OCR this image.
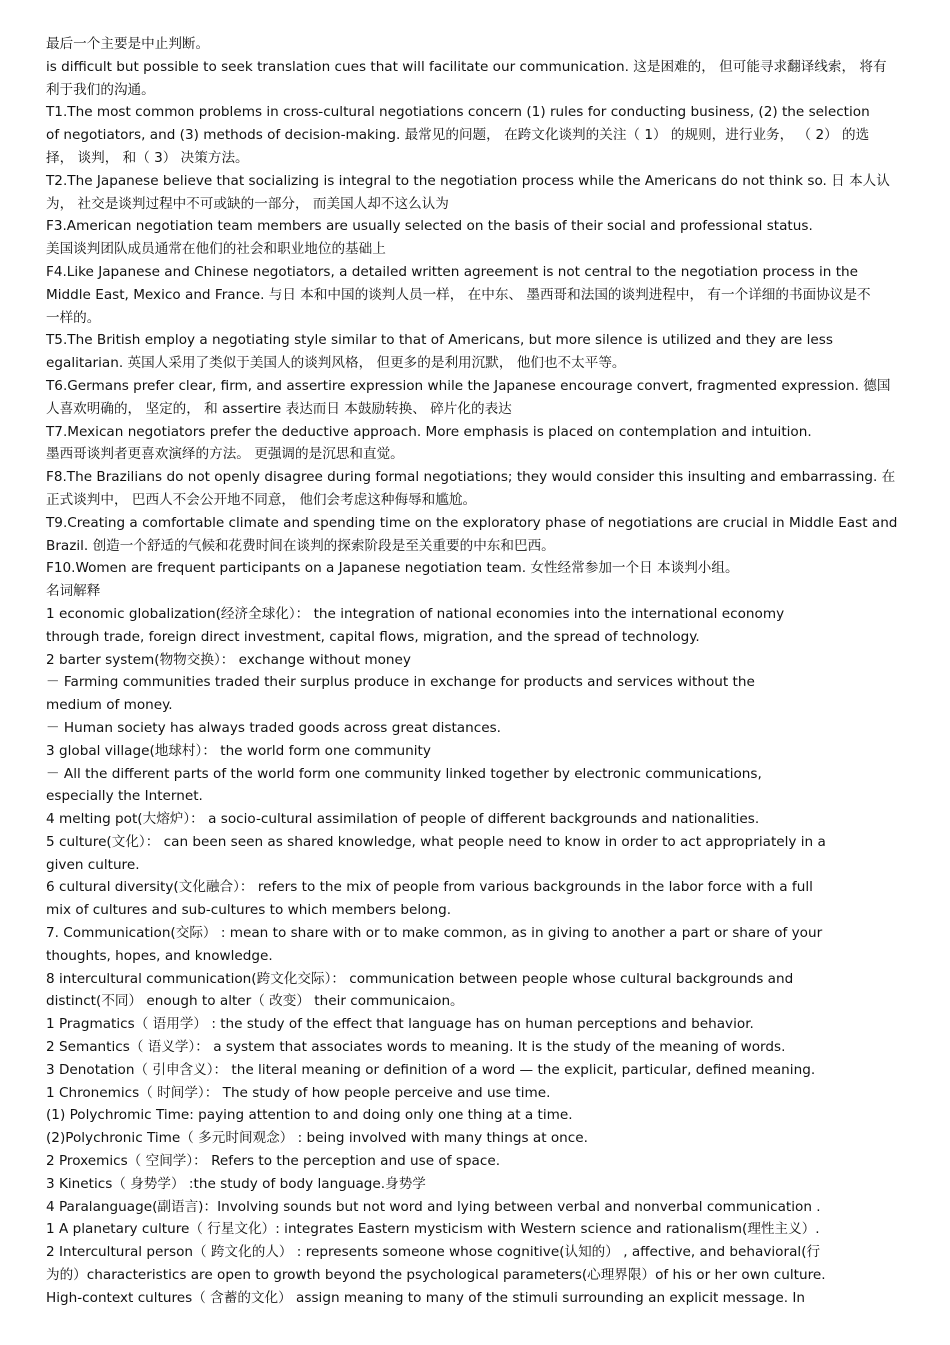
最后一个主要是中止判断。
is difficult but possible to seek translation cues that will facilitate our communication. 这是困难的， 但可能寻求翻译线索， 将有
利于我们的沟通。
T1.The most common problems in cross-cultural negotiations concern (1) rules for conducting business, (2) the selection
of negotiators, and (3) methods of decision-making. 最常见的问题， 在跨文化谈判的关注（ 1） 的规则，进行业务， （ 2） 的选
择， 谈判， 和（ 3） 决策方法。
T2.The Japanese believe that socializing is integral to the negotiation process while the Americans do not think so. 日 本人认
为， 社交是谈判过程中不可或缺的一部分， 而美国人却不这么认为
F3.American negotiation team members are usually selected on the basis of their social and professional status.
美国谈判团队成员通常在他们的社会和职业地位的基础上
F4.Like Japanese and Chinese negotiators, a detailed written agreement is not central to the negotiation process in the
Middle East, Mexico and France. 与日 本和中国的谈判人员一样， 在中东、 墨西哥和法国的谈判进程中， 有一个详细的书面协议是不
一样的。
T5.The British employ a negotiating style similar to that of Americans, but more silence is utilized and they are less
egalitarian. 英国人采用了类似于美国人的谈判风格， 但更多的是利用沉默， 他们也不太平等。
T6.Germans prefer clear, firm, and assertire expression while the Japanese encourage convert, fragmented expression. 德国
人喜欢明确的， 坚定的， 和 assertire 表达而日 本鼓励转换、 碎片化的表达
T7.Mexican negotiators prefer the deductive approach. More emphasis is placed on contemplation and intuition.
墨西哥谈判者更喜欢演绎的方法。 更强调的是沉思和直觉。
F8.The Brazilians do not openly disagree during formal negotiations; they would consider this insulting and embarrassing. 在
正式谈判中， 巴西人不会公开地不同意， 他们会考虑这种侮辱和尴尬。
T9.Creating a comfortable climate and spending time on the exploratory phase of negotiations are crucial in Middle East and
Brazil. 创造一个舒适的气候和花费时间在谈判的探索阶段是至关重要的中东和巴西。
F10.Women are frequent participants on a Japanese negotiation team. 女性经常参加一个日 本谈判小组。
名词解释
1 economic globalization(经济全球化）： the integration of national economies into the international economy
through trade, foreign direct investment, capital flows, migration, and the spread of technology.
2 barter system(物物交换）： exchange without money
－ Farming communities traded their surplus produce in exchange for products and services without the
medium of money.
－ Human society has always traded goods across great distances.
3 global village(地球村）： the world form one community
－ All the different parts of the world form one community linked together by electronic communications,
especially the Internet.
4 melting pot(大熔炉）： a socio-cultural assimilation of people of different backgrounds and nationalities.
5 culture(文化）： can been seen as shared knowledge, what people need to know in order to act appropriately in a
given culture.
6 cultural diversity(文化融合）： refers to the mix of people from various backgrounds in the labor force with a full
mix of cultures and sub-cultures to which members belong.
7. Communication(交际） : mean to share with or to make common, as in giving to another a part or share of your
thoughts, hopes, and knowledge.
8 intercultural communication(跨文化交际）： communication between people whose cultural backgrounds and
distinct(不同） enough to alter（ 改变） their communicaion。
1 Pragmatics（ 语用学） : the study of the effect that language has on human perceptions and behavior.
2 Semantics（ 语义学）： a system that associates words to meaning. It is the study of the meaning of words.
3 Denotation（ 引申含义）： the literal meaning or definition of a word — the explicit, particular, defined meaning.
1 Chronemics（ 时间学）： The study of how people perceive and use time.
(1) Polychromic Time: paying attention to and doing only one thing at a time.
(2)Polychronic Time（ 多元时间观念） : being involved with many things at once.
2 Proxemics（ 空间学）： Refers to the perception and use of space.
3 Kinetics（ 身势学） :the study of body language.身势学
4 Paralanguage(副语言)：Involving sounds but not word and lying between verbal and nonverbal communication .
1 A planetary culture（ 行星文化）: integrates Eastern mysticism with Western science and rationalism(理性主义）.
2 Intercultural person（ 跨文化的人） : represents someone whose cognitive(认知的） , affective, and behavioral(行
为的）characteristics are open to growth beyond the psychological parameters(心理界限）of his or her own culture.
High-context cultures（ 含蓄的文化） assign meaning to many of the stimuli surrounding an explicit message. In
